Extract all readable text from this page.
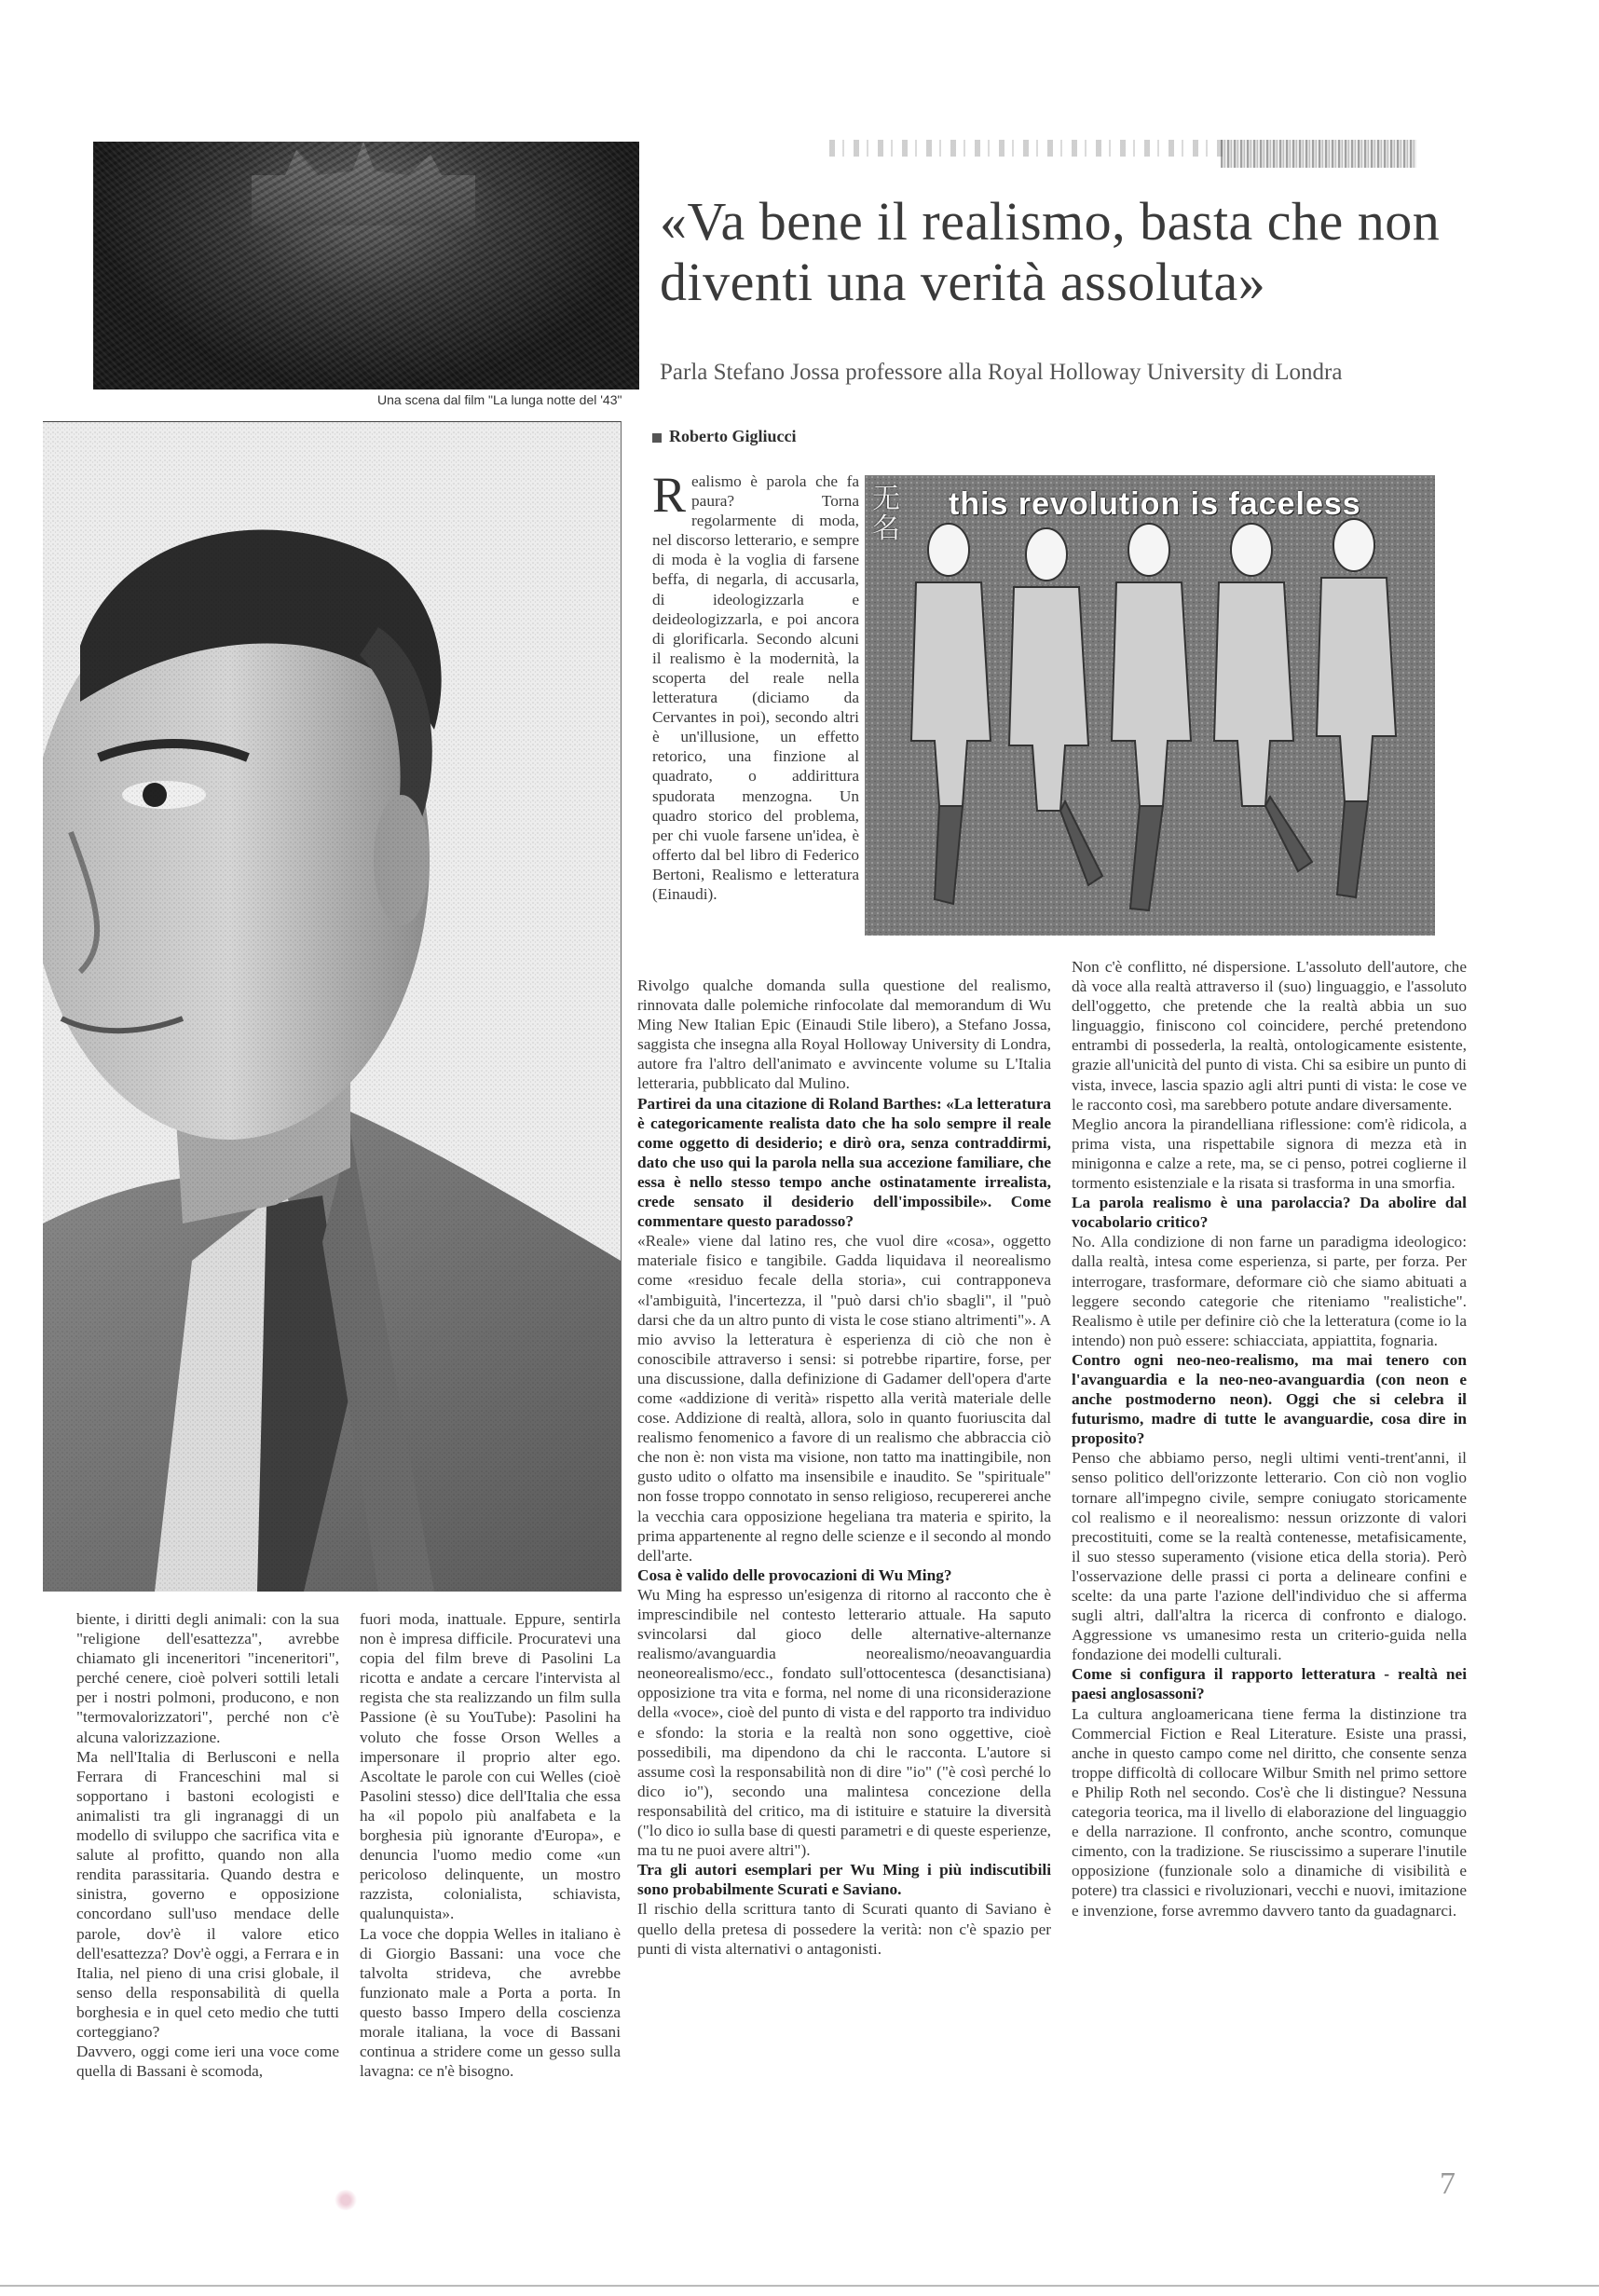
Una scena dal film "La lunga notte del '43"
«Va bene il realismo, basta che non diventi una verità assoluta»
Parla Stefano Jossa professore alla Royal Holloway University di Londra
Roberto Gigliucci
无名
this revolution is faceless
Realismo è parola che fa paura? Torna regolarmente di moda, nel discorso letterario, e sempre di moda è la voglia di farsene beffa, di negarla, di accusarla, di ideologizzarla e deideologizzarla, e poi ancora di glorificarla. Secondo alcuni il realismo è la modernità, la scoperta del reale nella letteratura (diciamo da Cervantes in poi), secondo altri è un'illusione, un effetto retorico, una finzione al quadrato, o addirittura spudorata menzogna. Un quadro storico del problema, per chi vuole farsene un'idea, è offerto dal bel libro di Federico Bertoni, Realismo e letteratura (Einaudi).

Rivolgo qualche domanda sulla questione del realismo, rinnovata dalle polemiche rinfocolate dal memorandum di Wu Ming New Italian Epic (Einaudi Stile libero), a Stefano Jossa, saggista che insegna alla Royal Holloway University di Londra, autore fra l'altro dell'animato e avvincente volume su L'Italia letteraria, pubblicato dal Mulino.

Partirei da una citazione di Roland Barthes: «La letteratura è categoricamente realista dato che ha solo sempre il reale come oggetto di desiderio; e dirò ora, senza contraddirmi, dato che uso qui la parola nella sua accezione familiare, che essa è nello stesso tempo anche ostinatamente irrealista, crede sensato il desiderio dell'impossibile». Come commentare questo paradosso?

«Reale» viene dal latino res, che vuol dire «cosa», oggetto materiale fisico e tangibile. Gadda liquidava il neorealismo come «residuo fecale della storia», cui contrapponeva «l'ambiguità, l'incertezza, il "può darsi ch'io sbagli", il "può darsi che da un altro punto di vista le cose stiano altrimenti"». A mio avviso la letteratura è esperienza di ciò che non è conoscibile attraverso i sensi: si potrebbe ripartire, forse, per una discussione, dalla definizione di Gadamer dell'opera d'arte come «addizione di verità» rispetto alla verità materiale delle cose. Addizione di realtà, allora, solo in quanto fuoriuscita dal realismo fenomenico a favore di un realismo che abbraccia ciò che non è: non vista ma visione, non tatto ma inattingibile, non gusto udito o olfatto ma insensibile e inaudito. Se "spirituale" non fosse troppo connotato in senso religioso, recupererei anche la vecchia cara opposizione hegeliana tra materia e spirito, la prima appartenente al regno delle scienze e il secondo al mondo dell'arte.

Cosa è valido delle provocazioni di Wu Ming?

Wu Ming ha espresso un'esigenza di ritorno al racconto che è imprescindibile nel contesto letterario attuale. Ha saputo svincolarsi dal gioco delle alternative-alternanze realismo/avanguardia neorealismo/neoavanguardia neoneorealismo/ecc., fondato sull'ottocentesca (desanctisiana) opposizione tra vita e forma, nel nome di una riconsiderazione della «voce», cioè del punto di vista e del rapporto tra individuo e sfondo: la storia e la realtà non sono oggettive, cioè possedibili, ma dipendono da chi le racconta. L'autore si assume così la responsabilità non di dire "io" ("è così perché lo dico io"), secondo una malintesa concezione della responsabilità del critico, ma di istituire e statuire la diversità ("lo dico io sulla base di questi parametri e di queste esperienze, ma tu ne puoi avere altri").

Tra gli autori esemplari per Wu Ming i più indiscutibili sono probabilmente Scurati e Saviano.

Il rischio della scrittura tanto di Scurati quanto di Saviano è quello della pretesa di possedere la verità: non c'è spazio per punti di vista alternativi o antagonisti.

Non c'è conflitto, né dispersione. L'assoluto dell'autore, che dà voce alla realtà attraverso il (suo) linguaggio, e l'assoluto dell'oggetto, che pretende che la realtà abbia un suo linguaggio, finiscono col coincidere, perché pretendono entrambi di possederla, la realtà, ontologicamente esistente, grazie all'unicità del punto di vista. Chi sa esibire un punto di vista, invece, lascia spazio agli altri punti di vista: le cose ve le racconto così, ma sarebbero potute andare diversamente.

Meglio ancora la pirandelliana riflessione: com'è ridicola, a prima vista, una rispettabile signora di mezza età in minigonna e calze a rete, ma, se ci penso, potrei coglierne il tormento esistenziale e la risata si trasforma in una smorfia.

La parola realismo è una parolaccia? Da abolire dal vocabolario critico?

No. Alla condizione di non farne un paradigma ideologico: dalla realtà, intesa come esperienza, si parte, per forza. Per interrogare, trasformare, deformare ciò che siamo abituati a leggere secondo categorie che riteniamo "realistiche". Realismo è utile per definire ciò che la letteratura (come io la intendo) non può essere: schiacciata, appiattita, fognaria.

Contro ogni neo-neo-realismo, ma mai tenero con l'avanguardia e la neo-neo-avanguardia (con neon e anche postmoderno neon). Oggi che si celebra il futurismo, madre di tutte le avanguardie, cosa dire in proposito?

Penso che abbiamo perso, negli ultimi venti-trent'anni, il senso politico dell'orizzonte letterario. Con ciò non voglio tornare all'impegno civile, sempre coniugato storicamente col realismo e il neorealismo: nessun orizzonte di valori precostituiti, come se la realtà contenesse, metafisicamente, il suo stesso superamento (visione etica della storia). Però l'osservazione delle prassi ci porta a delineare confini e scelte: da una parte l'azione dell'individuo che si afferma sugli altri, dall'altra la ricerca di confronto e dialogo. Aggressione vs umanesimo resta un criterio-guida nella fondazione dei modelli culturali.

Come si configura il rapporto letteratura - realtà nei paesi anglosassoni?

La cultura angloamericana tiene ferma la distinzione tra Commercial Fiction e Real Literature. Esiste una prassi, anche in questo campo come nel diritto, che consente senza troppe difficoltà di collocare Wilbur Smith nel primo settore e Philip Roth nel secondo. Cos'è che li distingue? Nessuna categoria teorica, ma il livello di elaborazione del linguaggio e della narrazione. Il confronto, anche scontro, comunque cimento, con la tradizione. Se riuscissimo a superare l'inutile opposizione (funzionale solo a dinamiche di visibilità e potere) tra classici e rivoluzionari, vecchi e nuovi, imitazione e invenzione, forse avremmo davvero tanto da guadagnarci.

biente, i diritti degli animali: con la sua "religione dell'esattezza", avrebbe chiamato gli inceneritori "inceneritori", perché cenere, cioè polveri sottili letali per i nostri polmoni, producono, e non "termovalorizzatori", perché non c'è alcuna valorizzazione.

Ma nell'Italia di Berlusconi e nella Ferrara di Franceschini mal si sopportano i bastoni ecologisti e animalisti tra gli ingranaggi di un modello di sviluppo che sacrifica vita e salute al profitto, quando non alla rendita parassitaria. Quando destra e sinistra, governo e opposizione concordano sull'uso mendace delle parole, dov'è il valore etico dell'esattezza? Dov'è oggi, a Ferrara e in Italia, nel pieno di una crisi globale, il senso della responsabilità di quella borghesia e in quel ceto medio che tutti corteggiano?

Davvero, oggi come ieri una voce come quella di Bassani è scomoda,

fuori moda, inattuale. Eppure, sentirla non è impresa difficile. Procuratevi una copia del film breve di Pasolini La ricotta e andate a cercare l'intervista al regista che sta realizzando un film sulla Passione (è su YouTube): Pasolini ha voluto che fosse Orson Welles a impersonare il proprio alter ego. Ascoltate le parole con cui Welles (cioè Pasolini stesso) dice dell'Italia che essa ha «il popolo più analfabeta e la borghesia più ignorante d'Europa», e denuncia l'uomo medio come «un pericoloso delinquente, un mostro razzista, colonialista, schiavista, qualunquista».

La voce che doppia Welles in italiano è di Giorgio Bassani: una voce che talvolta strideva, che avrebbe funzionato male a Porta a porta. In questo basso Impero della coscienza morale italiana, la voce di Bassani continua a stridere come un gesso sulla lavagna: ce n'è bisogno.

7
